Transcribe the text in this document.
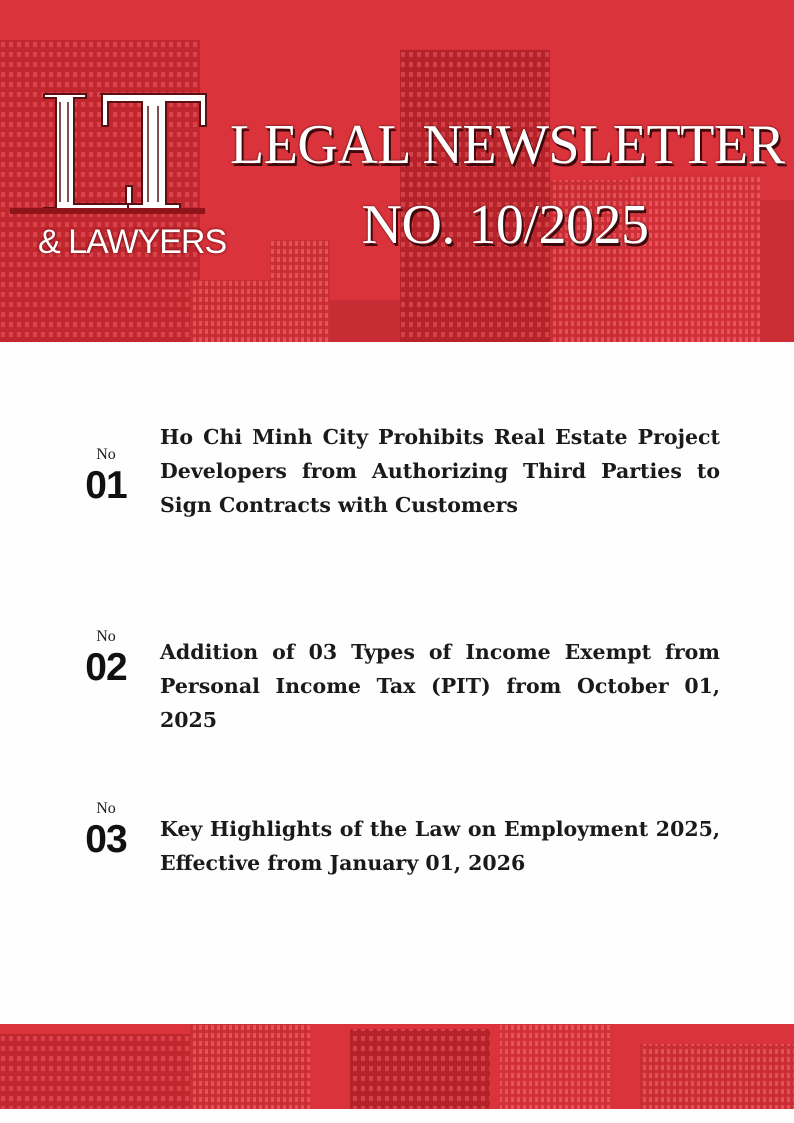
& LAWYERS
LEGAL NEWSLETTER
NO. 10/2025
No
01
Ho Chi Minh City Prohibits Real Estate Project Developers from Authorizing Third Parties to Sign Contracts with Customers
No
02	Addition of 03 Types of Income Exempt from Personal Income Tax (PIT) from October 01, 2025
No
03	Key Highlights of the Law on Employment 2025, Effective from January 01, 2026
